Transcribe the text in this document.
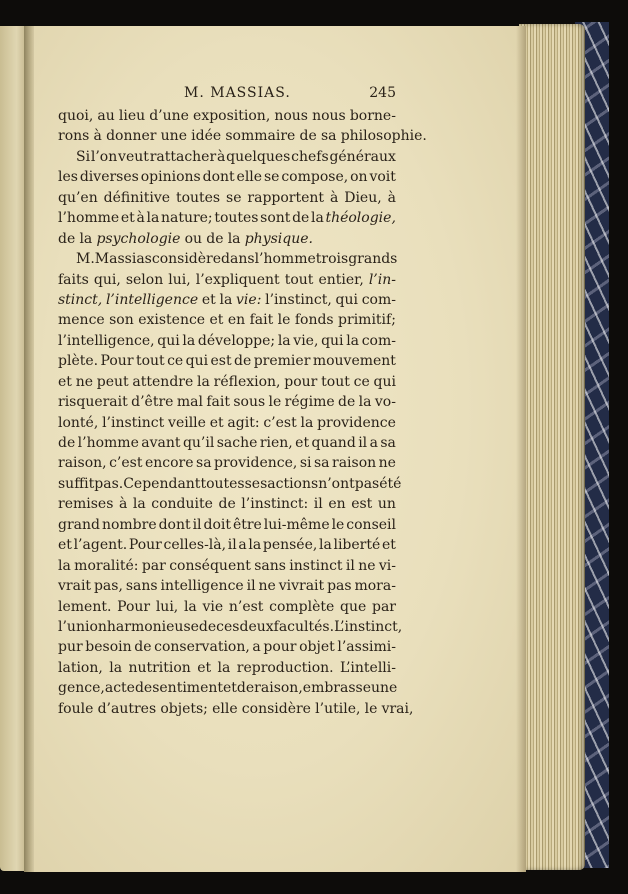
M. MASSIAS.	245
quoi, au lieu d’une exposition, nous nous borne-
rons à donner une idée sommaire de sa philosophie.
Si l’on veut rattacher à quelques chefs généraux
les diverses opinions dont elle se compose, on voit
qu’en définitive toutes se rapportent à Dieu, à
l’homme et à la nature; toutes sont de la théologie,
de la psychologie ou de la physique.
M. Massias considère dans l’homme trois grands
faits qui, selon lui, l’expliquent tout entier, l’in-
stinct, l’intelligence et la vie: l’instinct, qui com-
mence son existence et en fait le fonds primitif;
l’intelligence, qui la développe; la vie, qui la com-
plète. Pour tout ce qui est de premier mouvement
et ne peut attendre la réflexion, pour tout ce qui
risquerait d’être mal fait sous le régime de la vo-
lonté, l’instinct veille et agit: c’est la providence
de l’homme avant qu’il sache rien, et quand il a sa
raison, c’est encore sa providence, si sa raison ne
suffit pas. Cependant toutes ses actions n’ont pas été
remises à la conduite de l’instinct: il en est un
grand nombre dont il doit être lui-même le conseil
et l’agent. Pour celles-là, il a la pensée, la liberté et
la moralité: par conséquent sans instinct il ne vi-
vrait pas, sans intelligence il ne vivrait pas mora-
lement. Pour lui, la vie n’est complète que par
l’union harmonieuse de ces deux facultés. L’instinct,
pur besoin de conservation, a pour objet l’assimi-
lation, la nutrition et la reproduction. L’intelli-
gence, acte de sentiment et de raison, embrasse une
foule d’autres objets; elle considère l’utile, le vrai,
